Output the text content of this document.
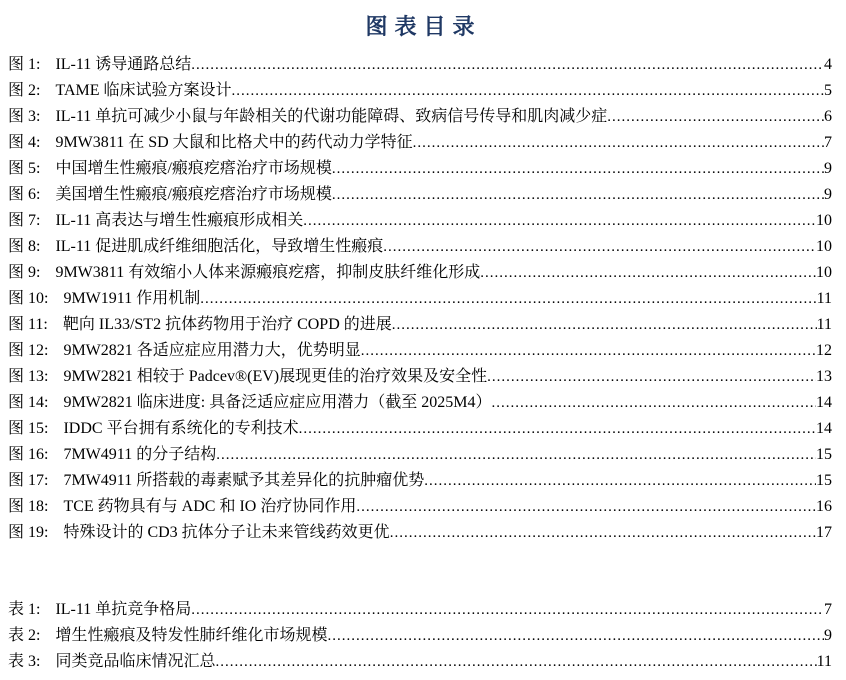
图表目录
图 1: IL-11 诱导通路总结 .....	4
图 2: TAME 临床试验方案设计 .....	5
图 3: IL-11 单抗可减少小鼠与年龄相关的代谢功能障碍、致病信号传导和肌肉减少症 .....	6
图 4: 9MW3811 在 SD 大鼠和比格犬中的药代动力学特征 .....	7
图 5: 中国增生性瘢痕/瘢痕疙瘩治疗市场规模 .....	9
图 6: 美国增生性瘢痕/瘢痕疙瘩治疗市场规模 .....	9
图 7: IL-11 高表达与增生性瘢痕形成相关 .....	10
图 8: IL-11 促进肌成纤维细胞活化，导致增生性瘢痕 .....	10
图 9: 9MW3811 有效缩小人体来源瘢痕疙瘩，抑制皮肤纤维化形成 .....	10
图 10: 9MW1911 作用机制 .....	11
图 11: 靶向 IL33/ST2 抗体药物用于治疗 COPD 的进展 .....	11
图 12: 9MW2821 各适应症应用潜力大，优势明显 .....	12
图 13: 9MW2821 相较于 Padcev®(EV)展现更佳的治疗效果及安全性 .....	13
图 14: 9MW2821 临床进度: 具备泛适应症应用潜力（截至 2025M4） .....	14
图 15: IDDC 平台拥有系统化的专利技术 .....	14
图 16: 7MW4911 的分子结构 .....	15
图 17: 7MW4911 所搭载的毒素赋予其差异化的抗肿瘤优势 .....	15
图 18: TCE 药物具有与 ADC 和 IO 治疗协同作用 .....	16
图 19: 特殊设计的 CD3 抗体分子让未来管线药效更优 .....	17
表 1: IL-11 单抗竞争格局 .....	7
表 2: 增生性瘢痕及特发性肺纤维化市场规模 .....	9
表 3: 同类竞品临床情况汇总 .....	11
